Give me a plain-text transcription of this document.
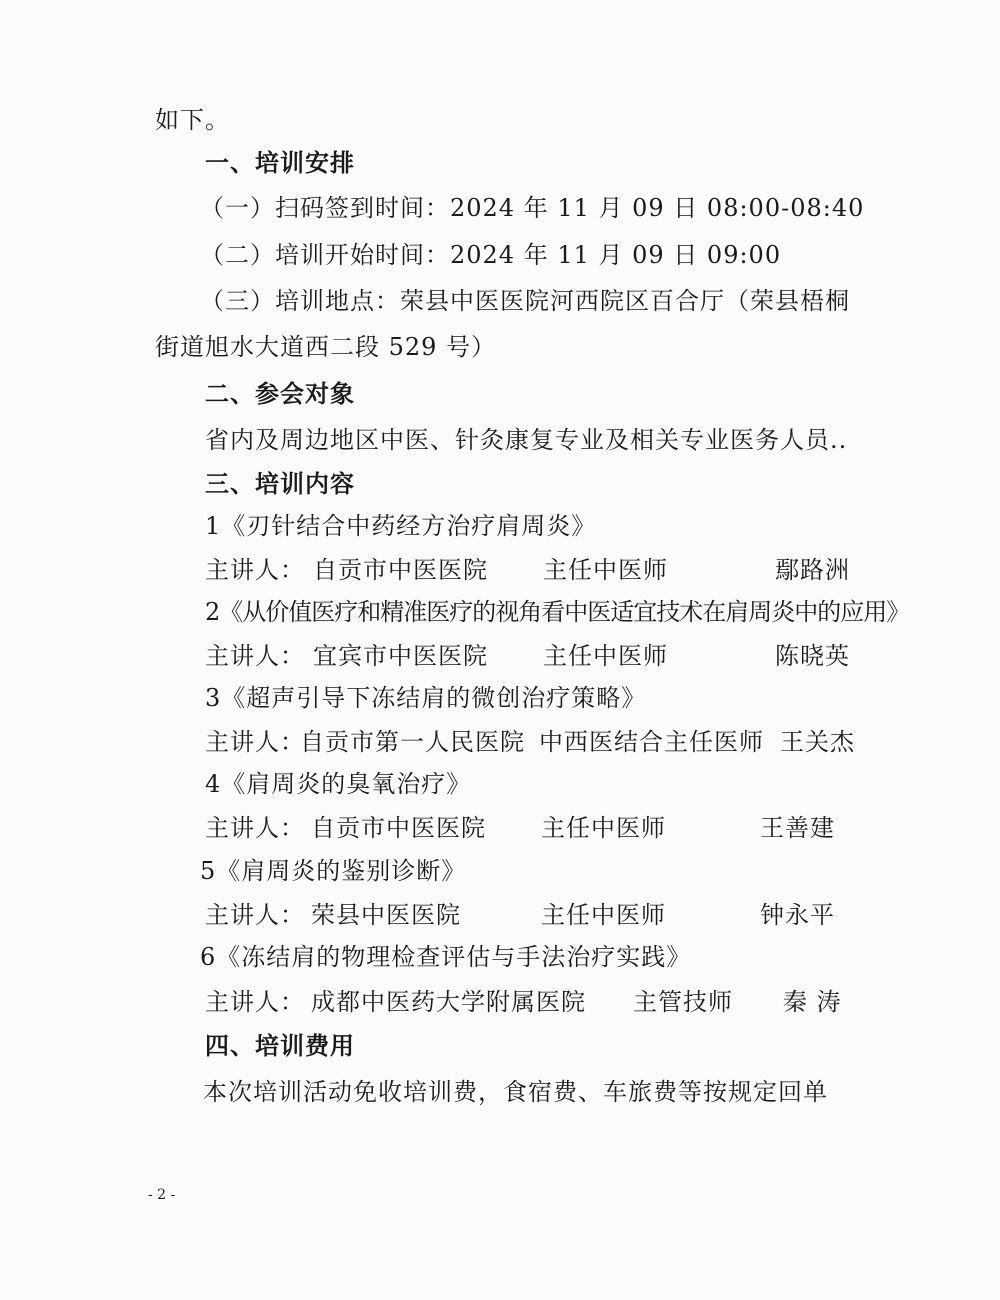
如下。
一、培训安排
（一）扫码签到时间：2024 年 11 月 09 日 08:00-08:40
（二）培训开始时间：2024 年 11 月 09 日 09:00
（三）培训地点：荣县中医医院河西院区百合厅（荣县梧桐
街道旭水大道西二段 529 号）
二、参会对象
省内及周边地区中医、针灸康复专业及相关专业医务人员..
三、培训内容
1《刃针结合中药经方治疗肩周炎》
主讲人： 自贡市中医医院 主任中医师	鄢路洲
2《从价值医疗和精准医疗的视角看中医适宜技术在肩周炎中的应用》
主讲人： 宜宾市中医医院 主任中医师	陈晓英
3《超声引导下冻结肩的微创治疗策略》
主讲人：
自贡市第一人民医院 中西医结合主任医师 王关杰
4《肩周炎的臭氧治疗》
主讲人： 自贡市中医医院 主任中医师	王善建
5《肩周炎的鉴别诊断》
主讲人： 荣县中医医院	主任中医师	钟永平
6《冻结肩的物理检查评估与手法治疗实践》
主讲人： 成都中医药大学附属医院 主管技师 秦 涛
四、培训费用
本次培训活动免收培训费，食宿费、车旅费等按规定回单
- 2 -
